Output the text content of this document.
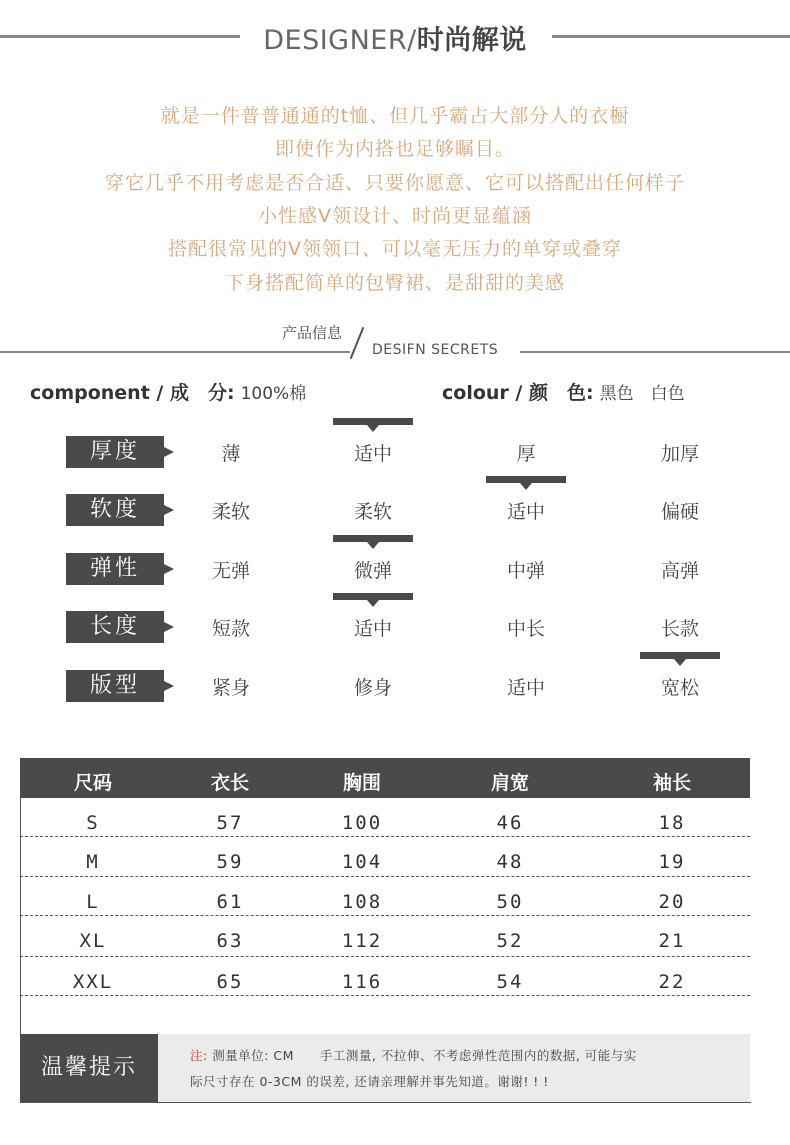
DESIGNER/时尚解说
就是一件普普通通的t恤、但几乎霸占大部分人的衣橱
即使作为内搭也足够瞩目。
穿它几乎不用考虑是否合适、只要你愿意、它可以搭配出任何样子
小性感V领设计、时尚更显蕴涵
搭配很常见的V领领口、可以毫无压力的单穿或叠穿
下身搭配简单的包臀裙、是甜甜的美感
产品信息
DESIFN SECRETS
component / 成　分: 100%棉	colour / 颜　色: 黑色　白色
厚度	薄	适中	厚	加厚
软度	柔软	柔软	适中	偏硬
弹性	无弹	微弹	中弹	高弹
长度	短款	适中	中长	长款
版型	紧身	修身	适中	宽松
尺码	衣长	胸围	肩宽	袖长
S	57	100	46	18
M	59	104	48	19
L	61	108	50	20
XL	63	112	52	21
XXL	65	116	54	22
温馨提示	注: 测量单位: CM　　手工测量, 不拉伸、不考虑弹性范围内的数据, 可能与实
际尺寸存在 0-3CM 的误差, 还请亲理解并事先知道。谢谢! ! !
